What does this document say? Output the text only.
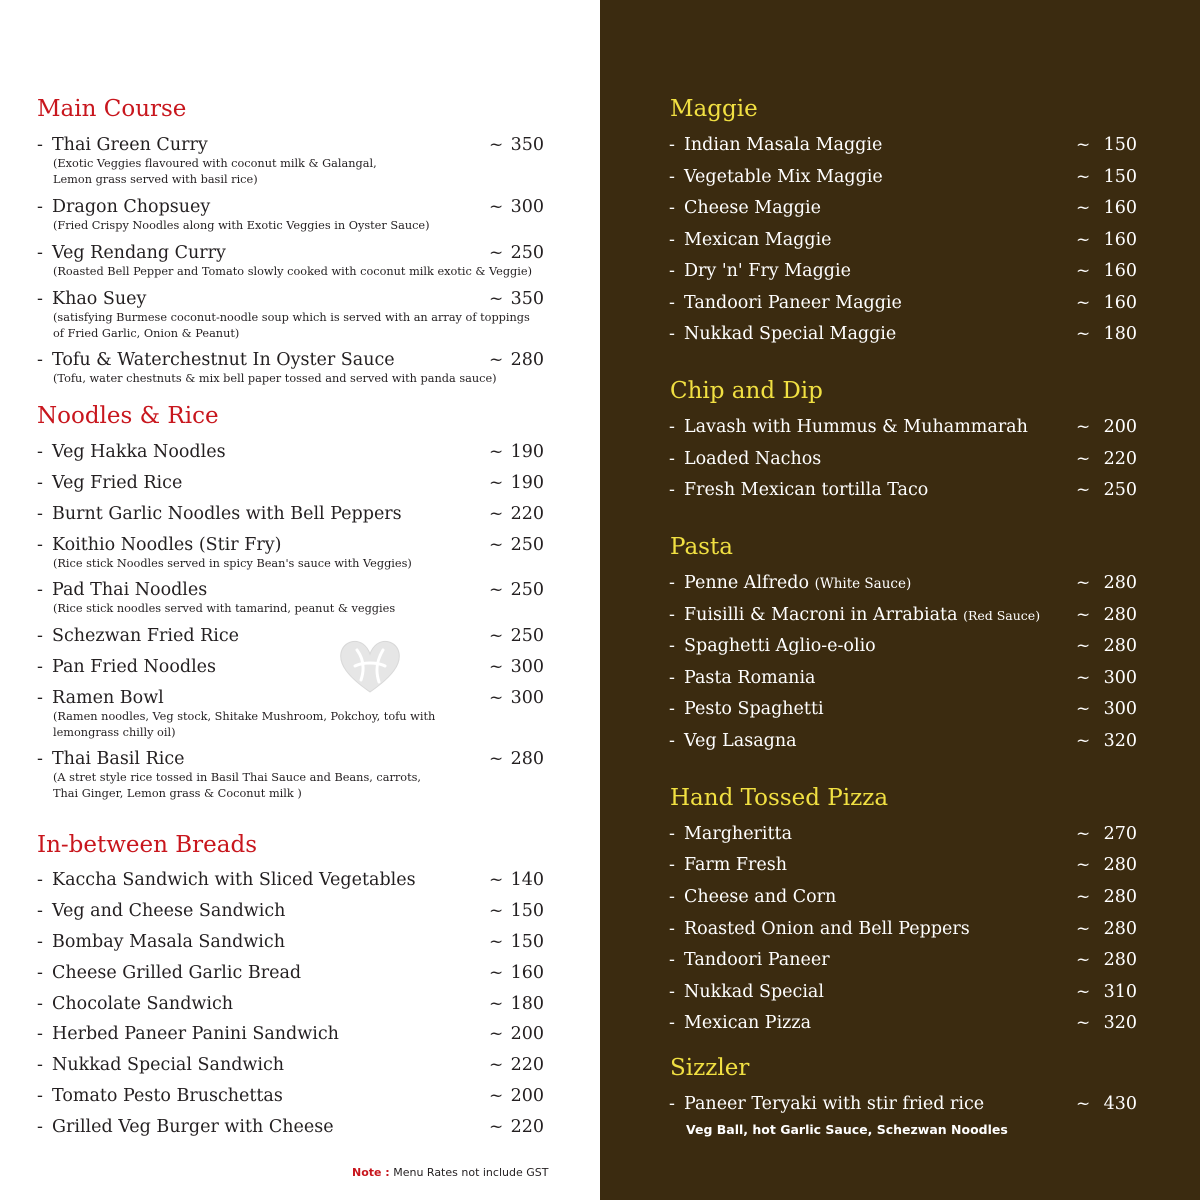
Main Course
- Thai Green Curry	~ 350
(Exotic Veggies flavoured with coconut milk & Galangal,
Lemon grass served with basil rice)
- Dragon Chopsuey	~ 300
(Fried Crispy Noodles along with Exotic Veggies in Oyster Sauce)
- Veg Rendang Curry	~ 250
(Roasted Bell Pepper and Tomato slowly cooked with coconut milk exotic & Veggie)
- Khao Suey	~ 350
(satisfying Burmese coconut-noodle soup which is served with an array of toppings
of Fried Garlic, Onion & Peanut)
- Tofu & Waterchestnut In Oyster Sauce	~ 280
(Tofu, water chestnuts & mix bell paper tossed and served with panda sauce)
Noodles & Rice
- Veg Hakka Noodles	~ 190
- Veg Fried Rice	~ 190
- Burnt Garlic Noodles with Bell Peppers	~ 220
- Koithio Noodles (Stir Fry)	~ 250
(Rice stick Noodles served in spicy Bean's sauce with Veggies)
- Pad Thai Noodles	~ 250
(Rice stick noodles served with tamarind, peanut & veggies
- Schezwan Fried Rice	~ 250
- Pan Fried Noodles	~ 300
- Ramen Bowl	~ 300
(Ramen noodles, Veg stock, Shitake Mushroom, Pokchoy, tofu with
lemongrass chilly oil)
- Thai Basil Rice	~ 280
(A stret style rice tossed in Basil Thai Sauce and Beans, carrots,
Thai Ginger, Lemon grass & Coconut milk )
In-between Breads
- Kaccha Sandwich with Sliced Vegetables	~ 140
- Veg and Cheese Sandwich	~ 150
- Bombay Masala Sandwich	~ 150
- Cheese Grilled Garlic Bread	~ 160
- Chocolate Sandwich	~ 180
- Herbed Paneer Panini Sandwich	~ 200
- Nukkad Special Sandwich	~ 220
- Tomato Pesto Bruschettas	~ 200
- Grilled Veg Burger with Cheese	~ 220
Note : Menu Rates not include GST
Maggie
- Indian Masala Maggie	~ 150
- Vegetable Mix Maggie	~ 150
- Cheese Maggie	~ 160
- Mexican Maggie	~ 160
- Dry 'n' Fry Maggie	~ 160
- Tandoori Paneer Maggie	~ 160
- Nukkad Special Maggie	~ 180
Chip and Dip
- Lavash with Hummus & Muhammarah	~ 200
- Loaded Nachos	~ 220
- Fresh Mexican tortilla Taco	~ 250
Pasta
- Penne Alfredo (White Sauce)	~ 280
- Fuisilli & Macroni in Arrabiata (Red Sauce) ~ 280
- Spaghetti Aglio-e-olio	~ 280
- Pasta Romania	~ 300
- Pesto Spaghetti	~ 300
- Veg Lasagna	~ 320
Hand Tossed Pizza
- Margheritta	~ 270
- Farm Fresh	~ 280
- Cheese and Corn	~ 280
- Roasted Onion and Bell Peppers	~ 280
- Tandoori Paneer	~ 280
- Nukkad Special	~ 310
- Mexican Pizza	~ 320
Sizzler
- Paneer Teryaki with stir fried rice	~ 430
Veg Ball, hot Garlic Sauce, Schezwan Noodles
